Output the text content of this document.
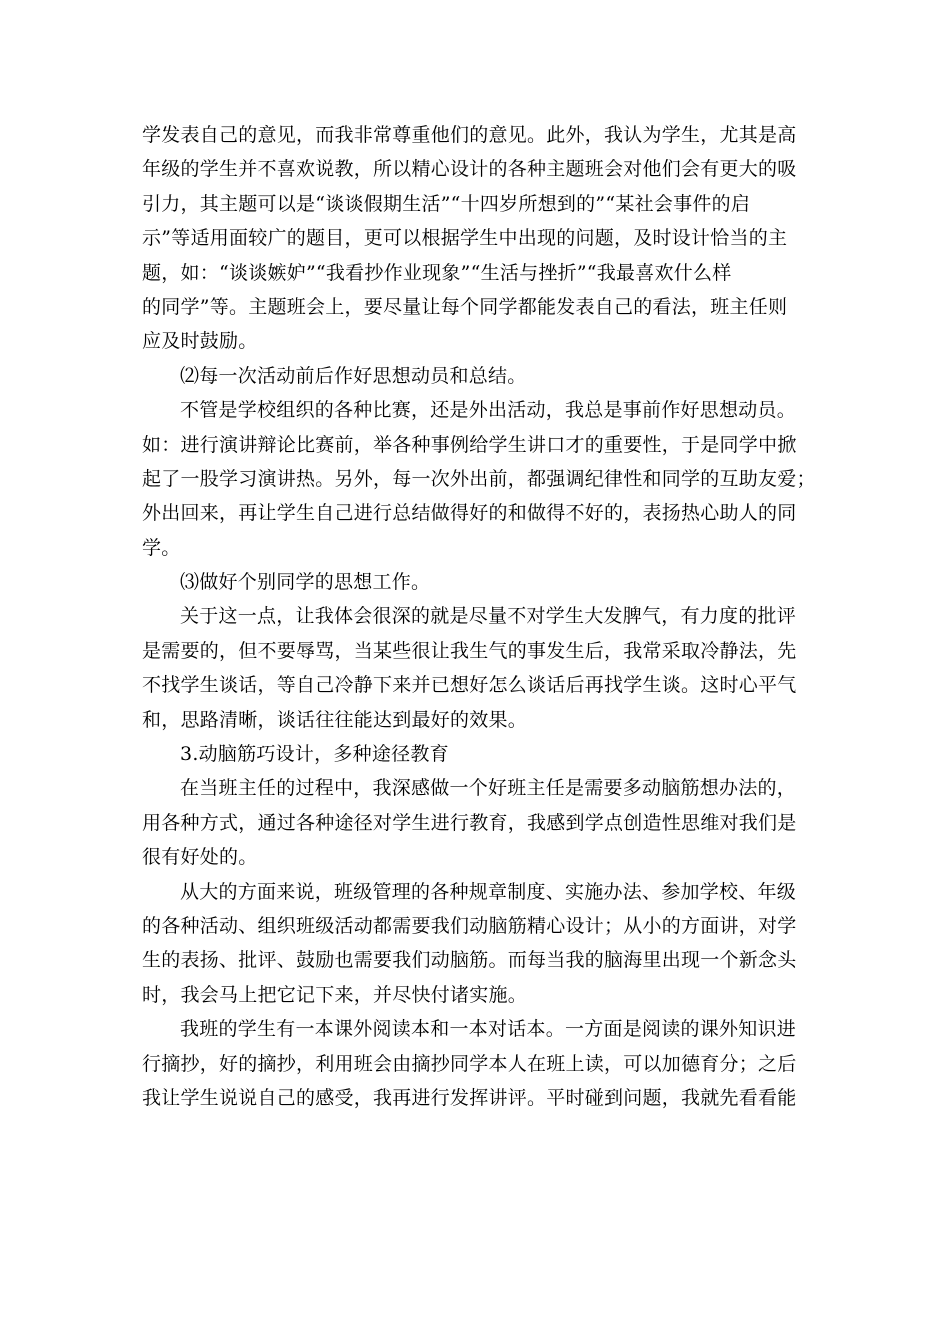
学发表自己的意见，而我非常尊重他们的意见。此外，我认为学生，尤其是高
年级的学生并不喜欢说教，所以精心设计的各种主题班会对他们会有更大的吸
引力，其主题可以是“谈谈假期生活”“十四岁所想到的”“某社会事件的启
示”等适用面较广的题目，更可以根据学生中出现的问题，及时设计恰当的主
题，如：“谈谈嫉妒”“我看抄作业现象”“生活与挫折”“我最喜欢什么样
的同学”等。主题班会上，要尽量让每个同学都能发表自己的看法，班主任则
应及时鼓励。
⑵每一次活动前后作好思想动员和总结。
不管是学校组织的各种比赛，还是外出活动，我总是事前作好思想动员。
如：进行演讲辩论比赛前，举各种事例给学生讲口才的重要性，于是同学中掀
起了一股学习演讲热。另外，每一次外出前，都强调纪律性和同学的互助友爱；
外出回来，再让学生自己进行总结做得好的和做得不好的，表扬热心助人的同
学。
⑶做好个别同学的思想工作。
关于这一点，让我体会很深的就是尽量不对学生大发脾气，有力度的批评
是需要的，但不要辱骂，当某些很让我生气的事发生后，我常采取冷静法，先
不找学生谈话，等自己冷静下来并已想好怎么谈话后再找学生谈。这时心平气
和，思路清晰，谈话往往能达到最好的效果。
3.动脑筋巧设计，多种途径教育
在当班主任的过程中，我深感做一个好班主任是需要多动脑筋想办法的，
用各种方式，通过各种途径对学生进行教育，我感到学点创造性思维对我们是
很有好处的。
从大的方面来说，班级管理的各种规章制度、实施办法、参加学校、年级
的各种活动、组织班级活动都需要我们动脑筋精心设计；从小的方面讲，对学
生的表扬、批评、鼓励也需要我们动脑筋。而每当我的脑海里出现一个新念头
时，我会马上把它记下来，并尽快付诸实施。
我班的学生有一本课外阅读本和一本对话本。一方面是阅读的课外知识进
行摘抄，好的摘抄，利用班会由摘抄同学本人在班上读，可以加德育分；之后
我让学生说说自己的感受，我再进行发挥讲评。平时碰到问题，我就先看看能
